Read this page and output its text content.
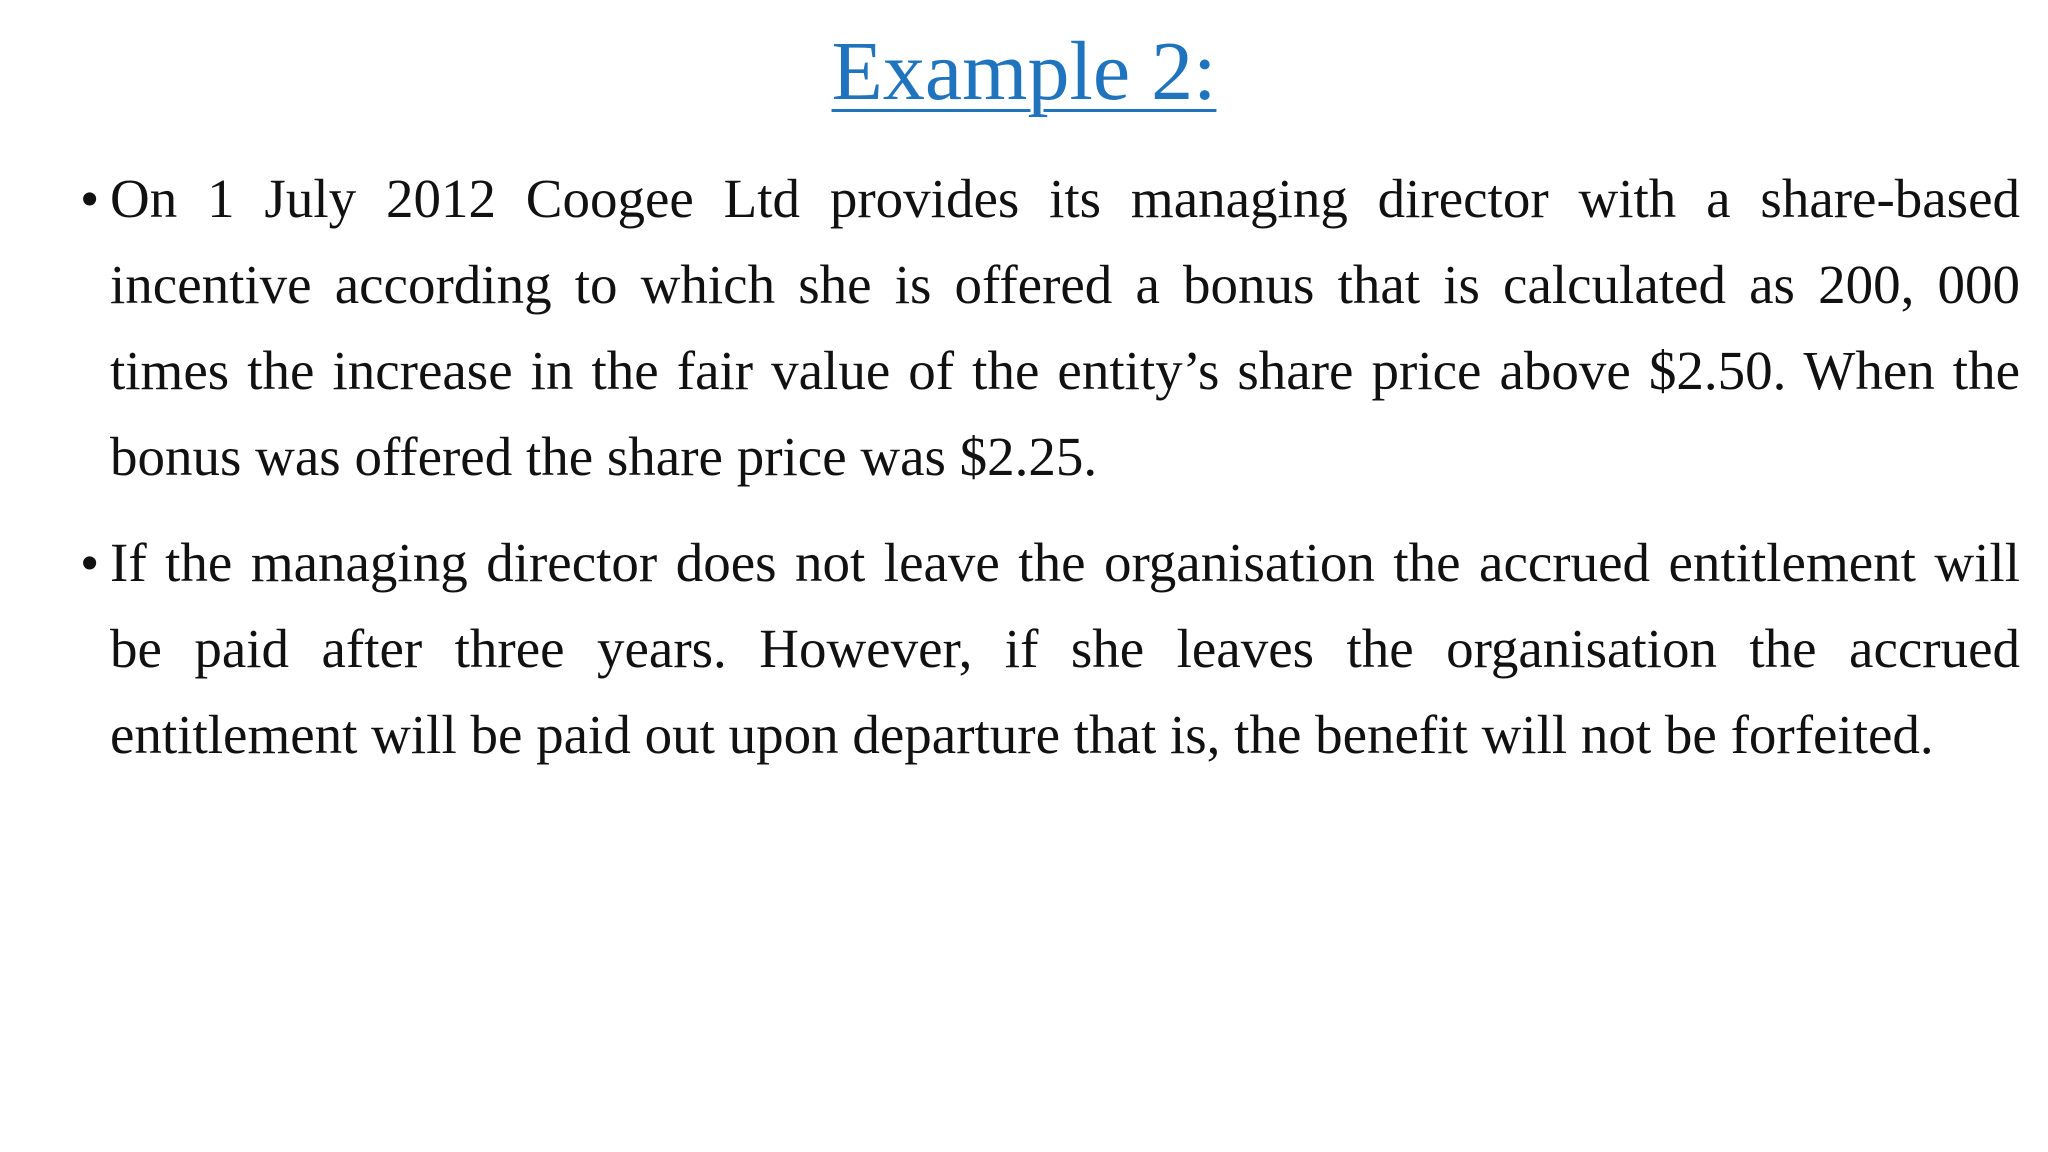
Example 2:
• On 1 July 2012 Coogee Ltd provides its managing director with a share-based incentive according to which she is offered a bonus that is calculated as 200, 000 times the increase in the fair value of the entity’s share price above $2.50. When the bonus was offered the share price was $2.25.
• If the managing director does not leave the organisation the accrued entitlement will be paid after three years. However, if she leaves the organisation the accrued entitlement will be paid out upon departure that is, the benefit will not be forfeited.
